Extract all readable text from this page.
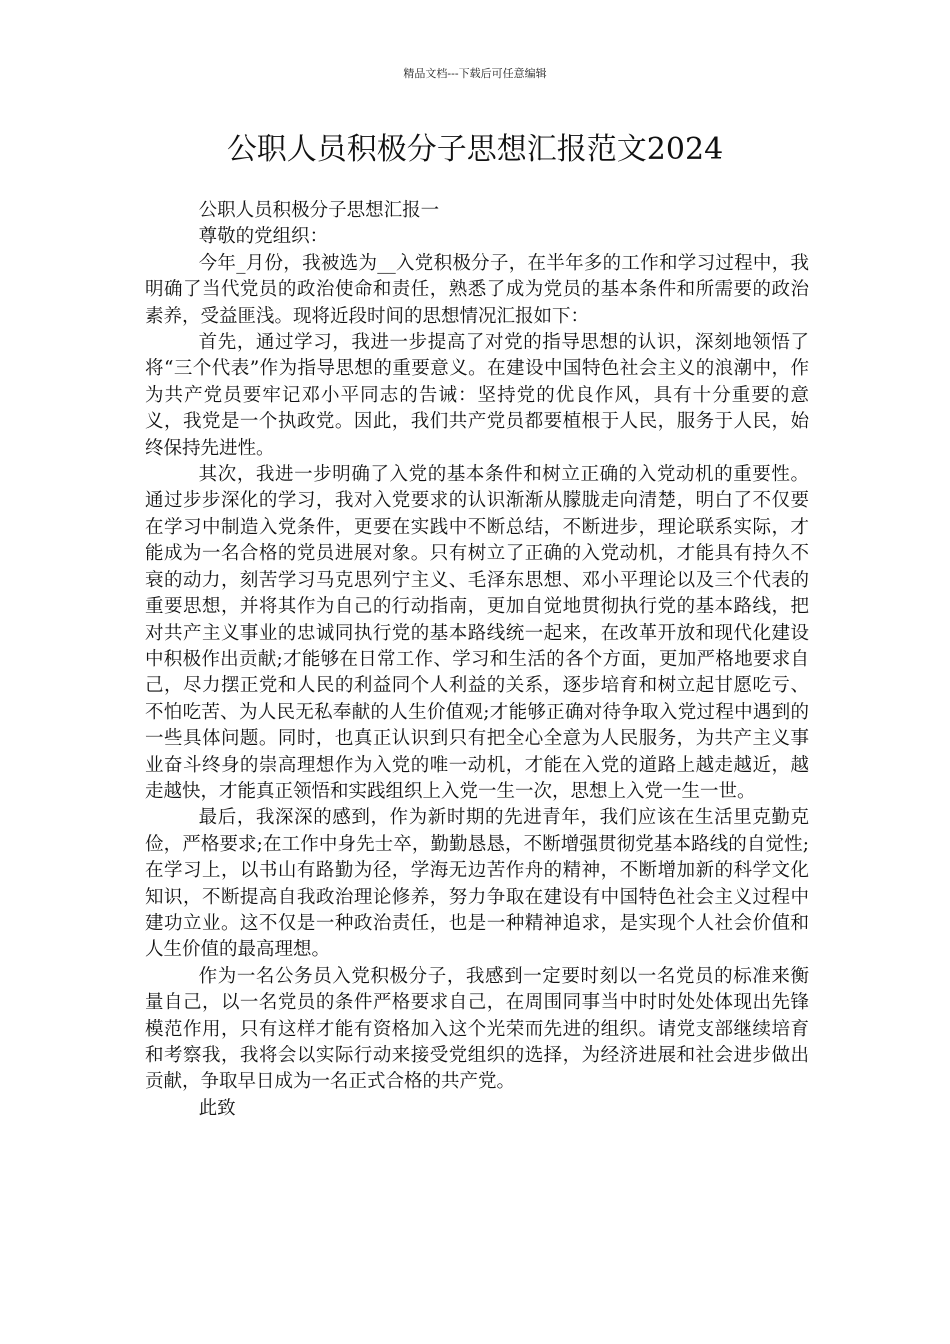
精品文档---下载后可任意编辑
公职人员积极分子思想汇报范文2024

公职人员积极分子思想汇报一

尊敬的党组织：

今年_月份，我被选为__入党积极分子，在半年多的工作和学习过程中，我明确了当代党员的政治使命和责任，熟悉了成为党员的基本条件和所需要的政治素养，受益匪浅。现将近段时间的思想情况汇报如下：

首先，通过学习，我进一步提高了对党的指导思想的认识，深刻地领悟了将“三个代表”作为指导思想的重要意义。在建设中国特色社会主义的浪潮中，作为共产党员要牢记邓小平同志的告诫：坚持党的优良作风，具有十分重要的意义，我党是一个执政党。因此，我们共产党员都要植根于人民，服务于人民，始终保持先进性。

其次，我进一步明确了入党的基本条件和树立正确的入党动机的重要性。通过步步深化的学习，我对入党要求的认识渐渐从朦胧走向清楚，明白了不仅要在学习中制造入党条件，更要在实践中不断总结，不断进步，理论联系实际，才能成为一名合格的党员进展对象。只有树立了正确的入党动机，才能具有持久不衰的动力，刻苦学习马克思列宁主义、毛泽东思想、邓小平理论以及三个代表的重要思想，并将其作为自己的行动指南，更加自觉地贯彻执行党的基本路线，把对共产主义事业的忠诚同执行党的基本路线统一起来，在改革开放和现代化建设中积极作出贡献;才能够在日常工作、学习和生活的各个方面，更加严格地要求自己，尽力摆正党和人民的利益同个人利益的关系，逐步培育和树立起甘愿吃亏、不怕吃苦、为人民无私奉献的人生价值观;才能够正确对待争取入党过程中遇到的一些具体问题。同时，也真正认识到只有把全心全意为人民服务，为共产主义事业奋斗终身的崇高理想作为入党的唯一动机，才能在入党的道路上越走越近，越走越快，才能真正领悟和实践组织上入党一生一次，思想上入党一生一世。

最后，我深深的感到，作为新时期的先进青年，我们应该在生活里克勤克俭，严格要求;在工作中身先士卒，勤勤恳恳，不断增强贯彻党基本路线的自觉性;在学习上，以书山有路勤为径，学海无边苦作舟的精神，不断增加新的科学文化知识，不断提高自我政治理论修养，努力争取在建设有中国特色社会主义过程中建功立业。这不仅是一种政治责任，也是一种精神追求，是实现个人社会价值和人生价值的最高理想。

作为一名公务员入党积极分子，我感到一定要时刻以一名党员的标准来衡量自己，以一名党员的条件严格要求自己，在周围同事当中时时处处体现出先锋模范作用，只有这样才能有资格加入这个光荣而先进的组织。请党支部继续培育和考察我，我将会以实际行动来接受党组织的选择，为经济进展和社会进步做出贡献，争取早日成为一名正式合格的共产党。

此致
